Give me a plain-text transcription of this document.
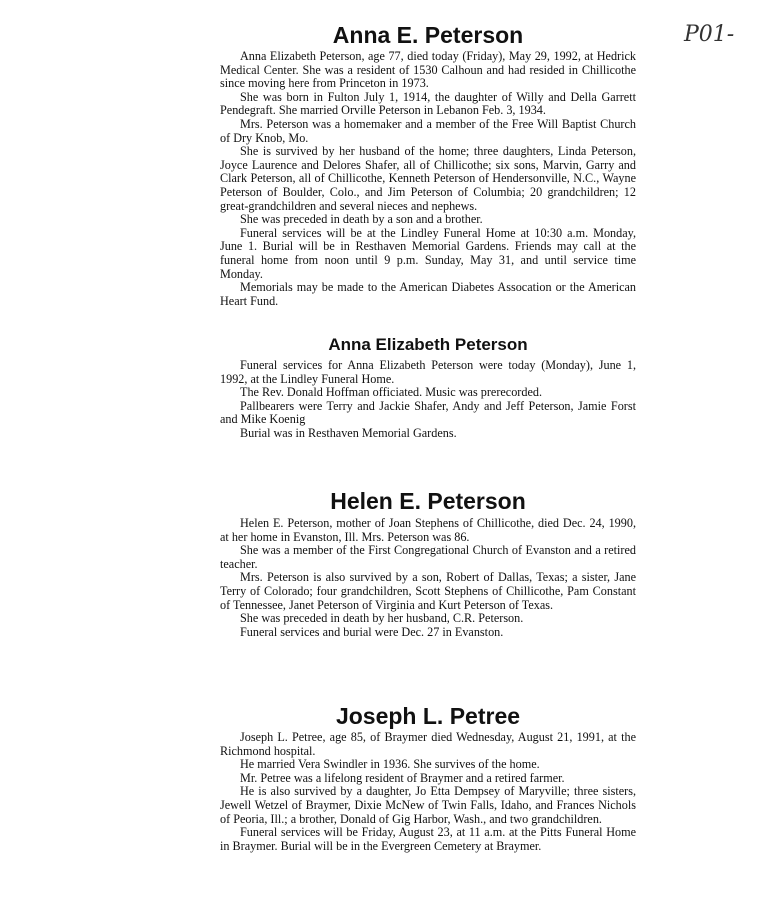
P01-
Anna E. Peterson

Anna Elizabeth Peterson, age 77, died today (Friday), May 29, 1992, at Hedrick Medical Center. She was a resident of 1530 Calhoun and had resided in Chillicothe since moving here from Princeton in 1973.

She was born in Fulton July 1, 1914, the daughter of Willy and Della Garrett Pendegraft. She married Orville Peterson in Lebanon Feb. 3, 1934.

Mrs. Peterson was a homemaker and a member of the Free Will Baptist Church of Dry Knob, Mo.

She is survived by her husband of the home; three daughters, Linda Peterson, Joyce Laurence and Delores Shafer, all of Chillicothe; six sons, Marvin, Garry and Clark Peterson, all of Chillicothe, Kenneth Peterson of Hendersonville, N.C., Wayne Peterson of Boulder, Colo., and Jim Peterson of Columbia; 20 grandchildren; 12 great-grandchildren and several nieces and nephews.

She was preceded in death by a son and a brother.

Funeral services will be at the Lindley Funeral Home at 10:30 a.m. Monday, June 1. Burial will be in Resthaven Memorial Gardens. Friends may call at the funeral home from noon until 9 p.m. Sunday, May 31, and until service time Monday.

Memorials may be made to the American Diabetes Assocation or the American Heart Fund.

Anna Elizabeth Peterson

Funeral services for Anna Elizabeth Peterson were today (Monday), June 1, 1992, at the Lindley Funeral Home.

The Rev. Donald Hoffman officiated. Music was prerecorded.

Pallbearers were Terry and Jackie Shafer, Andy and Jeff Peterson, Jamie Forst and Mike Koenig

Burial was in Resthaven Memorial Gardens.

Helen E. Peterson

Helen E. Peterson, mother of Joan Stephens of Chillicothe, died Dec. 24, 1990, at her home in Evanston, Ill. Mrs. Peterson was 86.

She was a member of the First Congregational Church of Evanston and a retired teacher.

Mrs. Peterson is also survived by a son, Robert of Dallas, Texas; a sister, Jane Terry of Colorado; four grandchildren, Scott Stephens of Chillicothe, Pam Constant of Tennessee, Janet Peterson of Virginia and Kurt Peterson of Texas.

She was preceded in death by her husband, C.R. Peterson.

Funeral services and burial were Dec. 27 in Evanston.

Joseph L. Petree

Joseph L. Petree, age 85, of Braymer died Wednesday, August 21, 1991, at the Richmond hospital.

He married Vera Swindler in 1936. She survives of the home.

Mr. Petree was a lifelong resident of Braymer and a retired farmer.

He is also survived by a daughter, Jo Etta Dempsey of Maryville; three sisters, Jewell Wetzel of Braymer, Dixie McNew of Twin Falls, Idaho, and Frances Nichols of Peoria, Ill.; a brother, Donald of Gig Harbor, Wash., and two grandchildren.

Funeral services will be Friday, August 23, at 11 a.m. at the Pitts Funeral Home in Braymer. Burial will be in the Evergreen Cemetery at Braymer.
